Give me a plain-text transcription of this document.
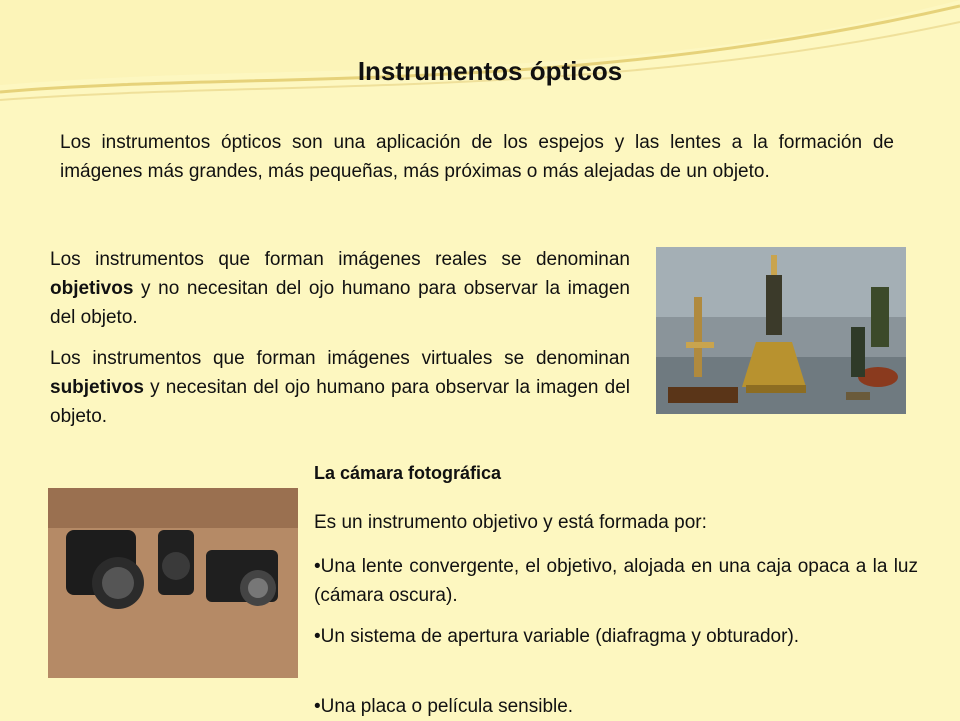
Instrumentos ópticos

Los instrumentos ópticos son una aplicación de los espejos y las lentes a la formación de imágenes más grandes, más pequeñas, más próximas o más alejadas de un objeto.

Los instrumentos que forman imágenes reales se denominan objetivos y no necesitan del ojo humano para observar la imagen del objeto.

Los instrumentos que forman imágenes virtuales se denominan subjetivos y necesitan del ojo humano para observar la imagen del objeto.

La cámara fotográfica

Es un instrumento objetivo y está formada por:

•Una lente convergente, el objetivo, alojada en una caja opaca a la luz (cámara oscura).

•Un sistema de apertura variable (diafragma y obturador).

•Una placa o película sensible.
